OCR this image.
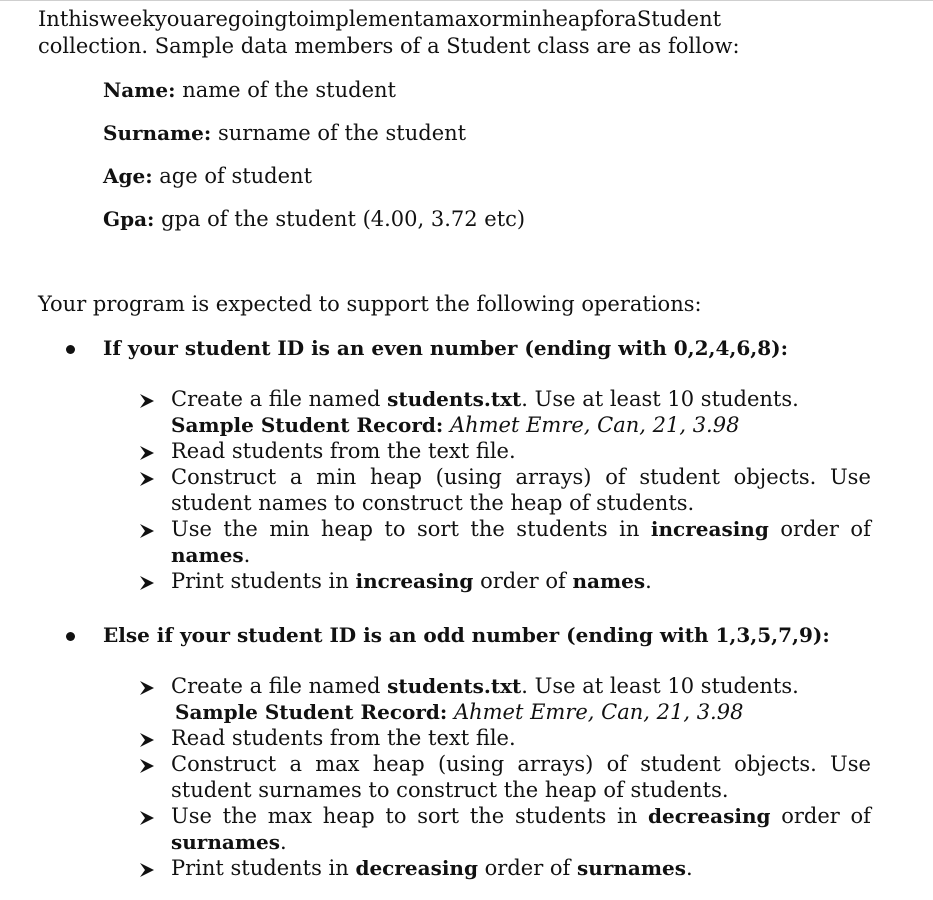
InthisweekyouaregoingtoimplementamaxorminheapforaStudent
collection. Sample data members of a Student class are as follow:
Name: name of the student
Surname: surname of the student
Age: age of student
Gpa: gpa of the student (4.00, 3.72 etc)
Your program is expected to support the following operations:
If your student ID is an even number (ending with 0,2,4,6,8):
Create a file named students.txt. Use at least 10 students.
Sample Student Record: Ahmet Emre, Can, 21, 3.98
Read students from the text file.
Construct a min heap (using arrays) of student objects. Use
student names to construct the heap of students.
Use the min heap to sort the students in increasing order of
names.
Print students in increasing order of names.
Else if your student ID is an odd number (ending with 1,3,5,7,9):
Create a file named students.txt. Use at least 10 students.
Sample Student Record: Ahmet Emre, Can, 21, 3.98
Read students from the text file.
Construct a max heap (using arrays) of student objects. Use
student surnames to construct the heap of students.
Use the max heap to sort the students in decreasing order of
surnames.
Print students in decreasing order of surnames.
